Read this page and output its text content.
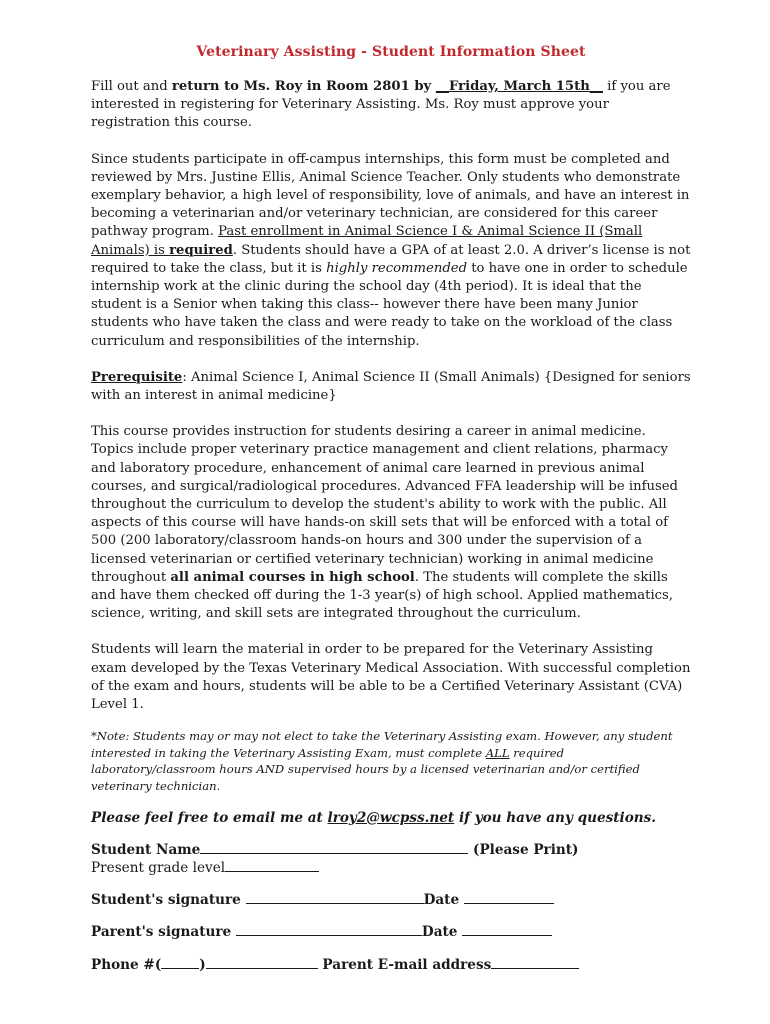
Veterinary Assisting - Student Information Sheet

Fill out and return to Ms. Roy in Room 2801 by __Friday, March 15th__ if you are interested in registering for Veterinary Assisting. Ms. Roy must approve your registration this course.

Since students participate in off-campus internships, this form must be completed and reviewed by Mrs. Justine Ellis, Animal Science Teacher. Only students who demonstrate exemplary behavior, a high level of responsibility, love of animals, and have an interest in becoming a veterinarian and/or veterinary technician, are considered for this career pathway program. Past enrollment in Animal Science I & Animal Science II (Small Animals) is required. Students should have a GPA of at least 2.0. A driver’s license is not required to take the class, but it is highly recommended to have one in order to schedule internship work at the clinic during the school day (4th period). It is ideal that the student is a Senior when taking this class-- however there have been many Junior students who have taken the class and were ready to take on the workload of the class curriculum and responsibilities of the internship.

Prerequisite: Animal Science I, Animal Science II (Small Animals) {Designed for seniors with an interest in animal medicine}

This course provides instruction for students desiring a career in animal medicine. Topics include proper veterinary practice management and client relations, pharmacy and laboratory procedure, enhancement of animal care learned in previous animal courses, and surgical/radiological procedures. Advanced FFA leadership will be infused throughout the curriculum to develop the student's ability to work with the public. All aspects of this course will have hands-on skill sets that will be enforced with a total of 500 (200 laboratory/classroom hands-on hours and 300 under the supervision of a licensed veterinarian or certified veterinary technician) working in animal medicine throughout all animal courses in high school. The students will complete the skills and have them checked off during the 1-3 year(s) of high school. Applied mathematics, science, writing, and skill sets are integrated throughout the curriculum.

Students will learn the material in order to be prepared for the Veterinary Assisting exam developed by the Texas Veterinary Medical Association. With successful completion of the exam and hours, students will be able to be a Certified Veterinary Assistant (CVA) Level 1.

*Note: Students may or may not elect to take the Veterinary Assisting exam. However, any student interested in taking the Veterinary Assisting Exam, must complete ALL required laboratory/classroom hours AND supervised hours by a licensed veterinarian and/or certified veterinary technician.

Please feel free to email me at lroy2@wcpss.net if you have any questions.

Student Name	(Please Print)

Present grade level

Student's signature	Date

Parent's signature	Date

Phone #(	)	Parent E-mail address
